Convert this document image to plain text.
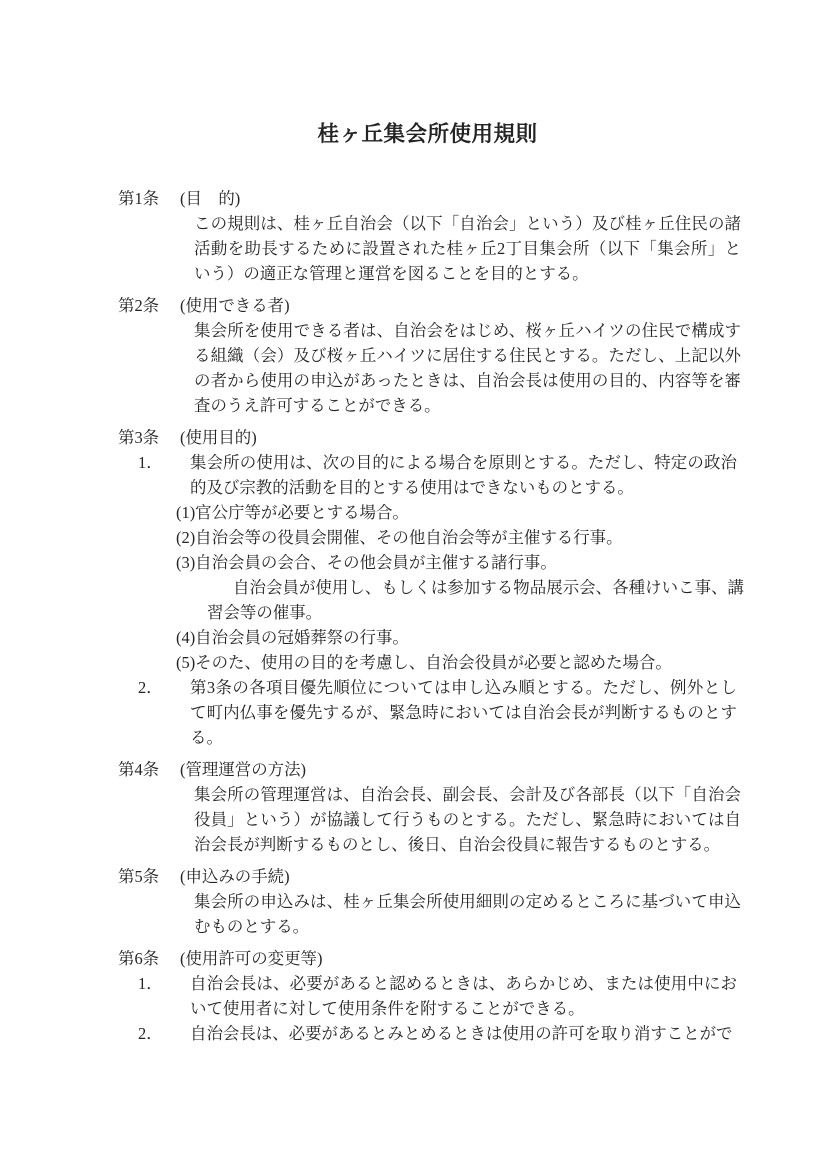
桂ヶ丘集会所使用規則
第1条	(目　的)

この規則は、桂ヶ丘自治会（以下「自治会」という）及び桂ヶ丘住民の諸活動を助長するために設置された桂ヶ丘2丁目集会所（以下「集会所」という）の適正な管理と運営を図ることを目的とする。

第2条	(使用できる者)

集会所を使用できる者は、自治会をはじめ、桜ヶ丘ハイツの住民で構成する組織（会）及び桜ヶ丘ハイツに居住する住民とする。ただし、上記以外の者から使用の申込があったときは、自治会長は使用の目的、内容等を審査のうえ許可することができる。

第3条	(使用目的)
1．	集会所の使用は、次の目的による場合を原則とする。ただし、特定の政治的及び宗教的活動を目的とする使用はできないものとする。

(1)官公庁等が必要とする場合。

(2)自治会等の役員会開催、その他自治会等が主催する行事。

(3)自治会員の会合、その他会員が主催する諸行事。

自治会員が使用し、もしくは参加する物品展示会、各種けいこ事、講習会等の催事。

(4)自治会員の冠婚葬祭の行事。

(5)そのた、使用の目的を考慮し、自治会役員が必要と認めた場合。

2．	第3条の各項目優先順位については申し込み順とする。ただし、例外として町内仏事を優先するが、緊急時においては自治会長が判断するものとする。

第4条	(管理運営の方法)

集会所の管理運営は、自治会長、副会長、会計及び各部長（以下「自治会役員」という）が協議して行うものとする。ただし、緊急時においては自治会長が判断するものとし、後日、自治会役員に報告するものとする。

第5条	(申込みの手続)

集会所の申込みは、桂ヶ丘集会所使用細則の定めるところに基づいて申込むものとする。

第6条	(使用許可の変更等)
1．	自治会長は、必要があると認めるときは、あらかじめ、または使用中において使用者に対して使用条件を附することができる。

2．	自治会長は、必要があるとみとめるときは使用の許可を取り消すことがで
